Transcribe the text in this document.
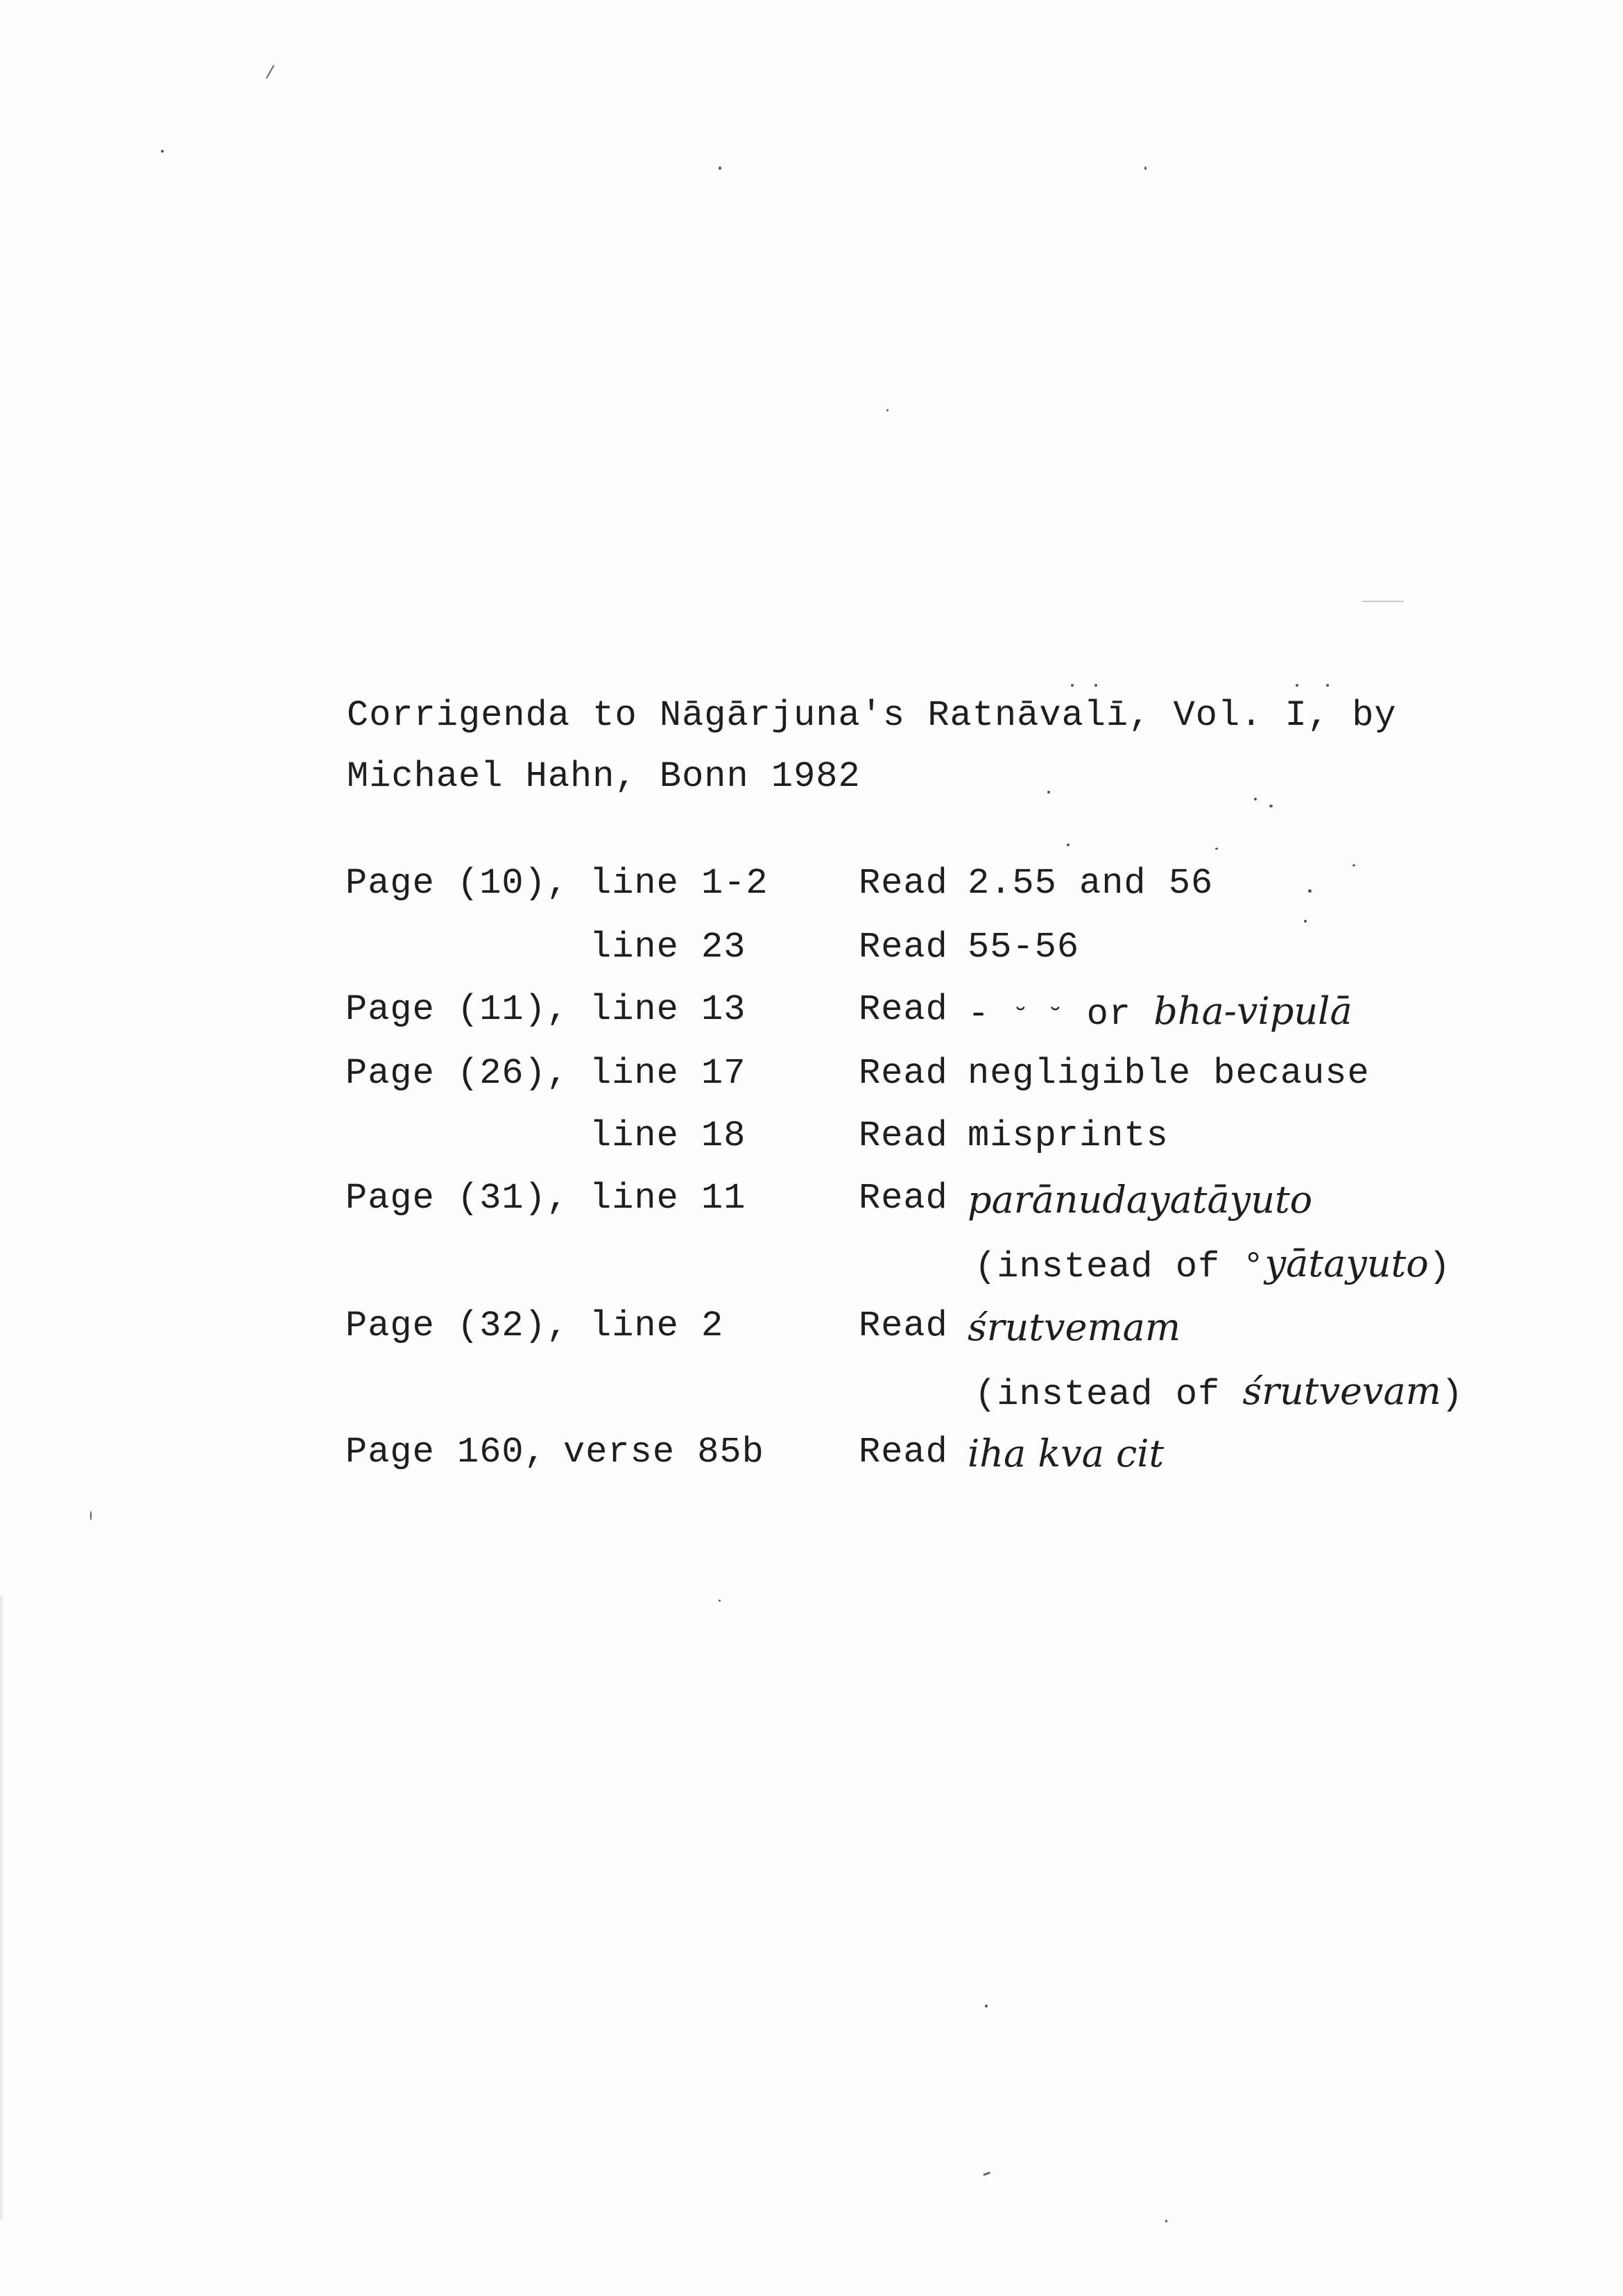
Corrigenda to Nāgārjuna's Ratnāvalī, Vol. I, by
Michael Hahn, Bonn 1982
Page (10), line 1-2	Read 2.55 and 56
line 23	Read 55-56
Page (11), line 13	Read - ˘ ˘ or bha-vipulā
Page (26), line 17	Read negligible because
line 18	Read misprints
Page (31), line 11	Read parānudayatāyuto
(instead of °yātayuto)
Page (32), line 2	Read śrutvemam
(instead of śrutvevam)
Page 160, verse 85b	Read iha kva cit
